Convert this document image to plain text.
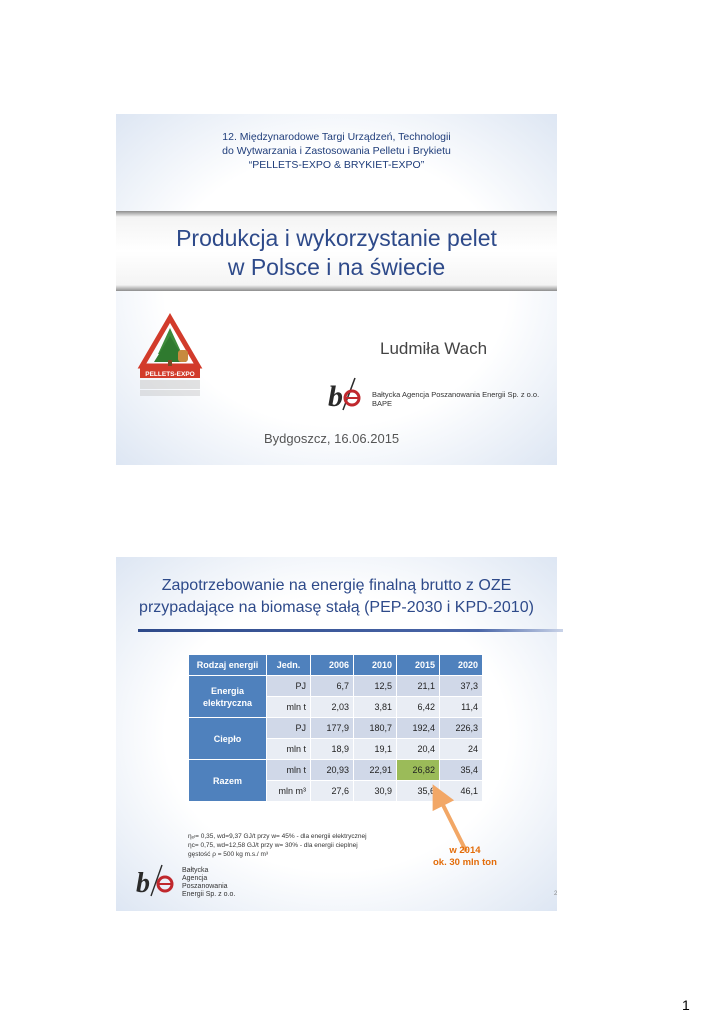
12. Międzynarodowe Targi Urządzeń, Technologii
do Wytwarzania i Zastosowania Pelletu i Brykietu
“PELLETS-EXPO & BRYKIET-EXPO”
Produkcja i wykorzystanie pelet
w Polsce i na świecie
PELLETS-EXPO
Ludmiła Wach
b	Bałtycka Agencja Poszanowania Energii Sp. z o.o.
BAPE
Bydgoszcz, 16.06.2015
Zapotrzebowanie na energię finalną brutto z OZE
przypadające na biomasę stałą (PEP-2030 i KPD-2010)
Rodzaj energii	Jedn.	2006	2010	2015	2020
Energia elektryczna	PJ	6,7	12,5	21,1	37,3
	mln t	2,03	3,81	6,42	11,4
Ciepło	PJ	177,9	180,7	192,4	226,3
	mln t	18,9	19,1	20,4	24
Razem	mln t	20,93	22,91	26,82	35,4
	mln m³	27,6	30,9	35,6	46,1
ηₑₗ= 0,35, wd=9,37 GJ/t przy w= 45% - dla energii elektrycznej
ηc= 0,75, wd=12,58 GJ/t przy w= 30% - dla energii cieplnej
gęstość ρ = 500 kg m.s./ m³	w 2014
ok. 30 mln ton
b	Bałtycka
Agencja
Poszanowania
Energii Sp. z o.o.	2
1
